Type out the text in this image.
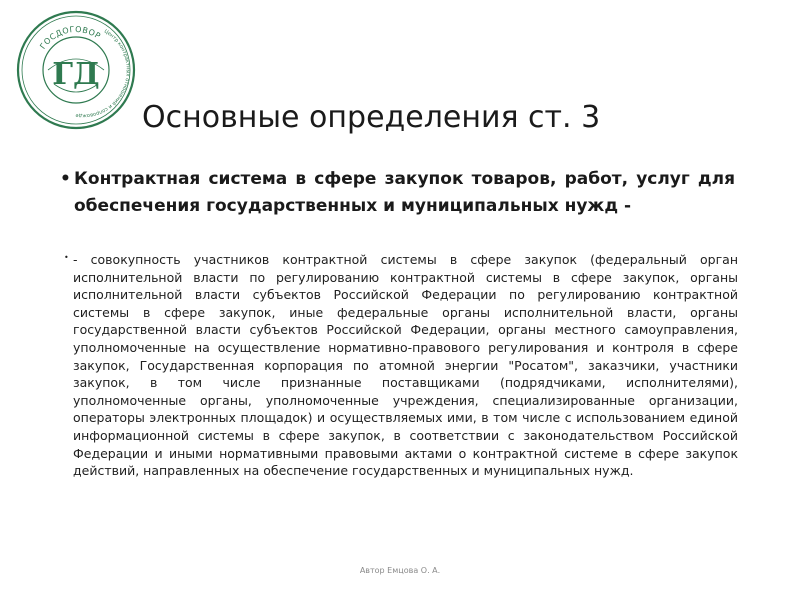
ГОСДОГОВОР Центр контрактных отношений и сопровожде
ГД
Основные определения ст. 3
• Контрактная система в сфере закупок товаров, работ, услуг для обеспечения государственных и муниципальных нужд -
• - совокупность участников контрактной системы в сфере закупок (федеральный орган исполнительной власти по регулированию контрактной системы в сфере закупок, органы исполнительной власти субъектов Российской Федерации по регулированию контрактной системы в сфере закупок, иные федеральные органы исполнительной власти, органы государственной власти субъектов Российской Федерации, органы местного самоуправления, уполномоченные на осуществление нормативно-правового регулирования и контроля в сфере закупок, Государственная корпорация по атомной энергии "Росатом", заказчики, участники закупок, в том числе признанные поставщиками (подрядчиками, исполнителями), уполномоченные органы, уполномоченные учреждения, специализированные организации, операторы электронных площадок) и осуществляемых ими, в том числе с использованием единой информационной системы в сфере закупок, в соответствии с законодательством Российской Федерации и иными нормативными правовыми актами о контрактной системе в сфере закупок действий, направленных на обеспечение государственных и муниципальных нужд.
Автор Емцова О. А.
